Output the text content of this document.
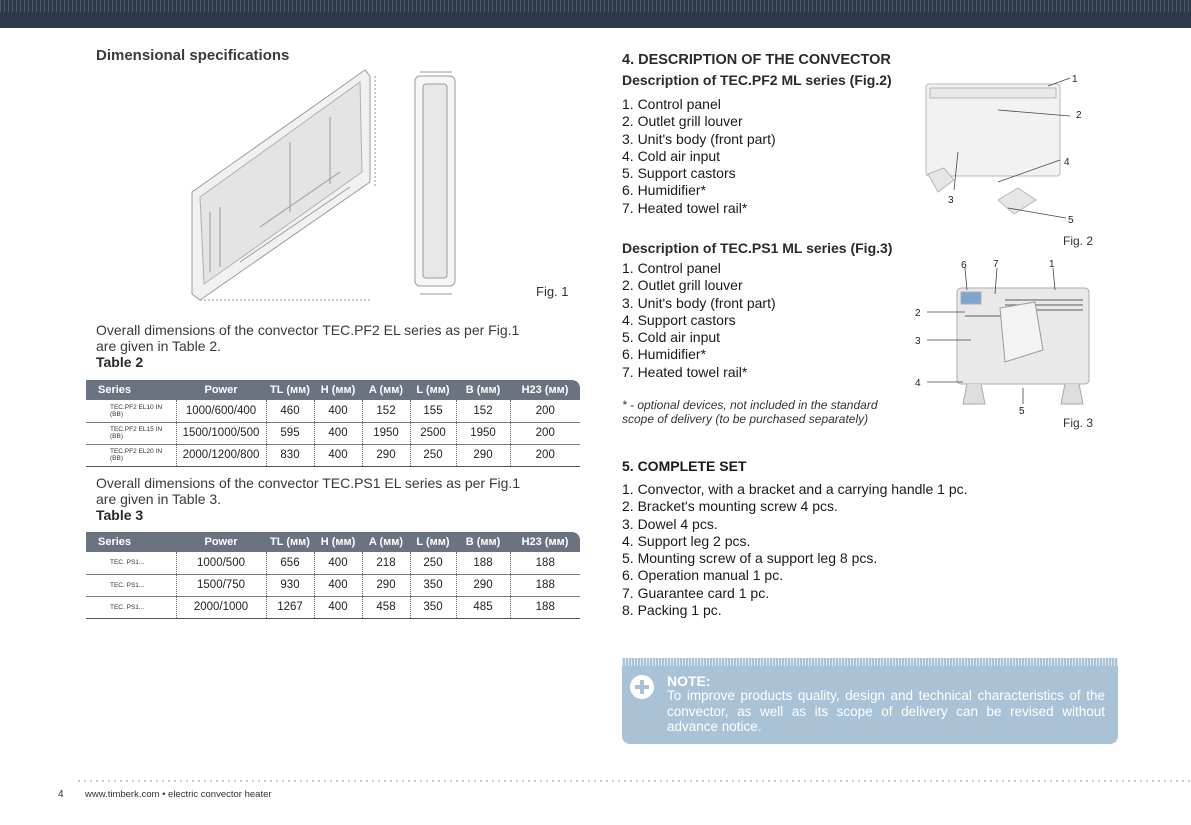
Dimensional specifications
Fig. 1
Overall dimensions of the convector TEC.PF2 EL series as per Fig.1 are given in Table 2.
Table 2
Series	Power	TL (мм)	H (мм)	A (мм)	L (мм)	B (мм)	H23 (мм)
TEC.PF2 EL10 IN (BB)	1000/600/400	460	400	152	155	152	200
TEC.PF2 EL15 IN (BB)	1500/1000/500	595	400	1950	2500	1950	200
TEC.PF2 EL20 IN (BB)	2000/1200/800	830	400	290	250	290	200
Overall dimensions of the convector TEC.PS1 EL series as per Fig.1 are given in Table 3.
Table 3
Series	Power	TL (мм)	H (мм)	A (мм)	L (мм)	B (мм)	H23 (мм)
TEC. PS1...	1000/500	656	400	218	250	188	188
TEC. PS1...	1500/750	930	400	290	350	290	188
TEC. PS1...	2000/1000	1267	400	458	350	485	188
4. DESCRIPTION OF THE CONVECTOR
Description of TEC.PF2 ML series (Fig.2)
1. Control panel
2. Outlet grill louver
3. Unit's body (front part)
4. Cold air input
5. Support castors
6. Humidifier*
7. Heated towel rail*
Description of TEC.PS1 ML series (Fig.3)
1. Control panel
2. Outlet grill louver
3. Unit's body (front part)
4. Support castors
5. Cold air input
6. Humidifier*
7. Heated towel rail*
* - optional devices, not included in the standard scope of delivery (to be purchased separately)
1
2
3
4
5
Fig. 2
6	7	1
2
3
4
5
Fig. 3
5. COMPLETE SET
1. Convector, with a bracket and a carrying handle 1 pc.
2. Bracket's mounting screw 4 pcs.
3. Dowel 4 pcs.
4. Support leg 2 pcs.
5. Mounting screw of a support leg 8 pcs.
6. Operation manual 1 pc.
7. Guarantee card 1 pc.
8. Packing 1 pc.
NOTE:
To improve products quality, design and technical characteristics of the convector, as well as its scope of delivery can be revised without advance notice.
4 www.timberk.com • electric convector heater
